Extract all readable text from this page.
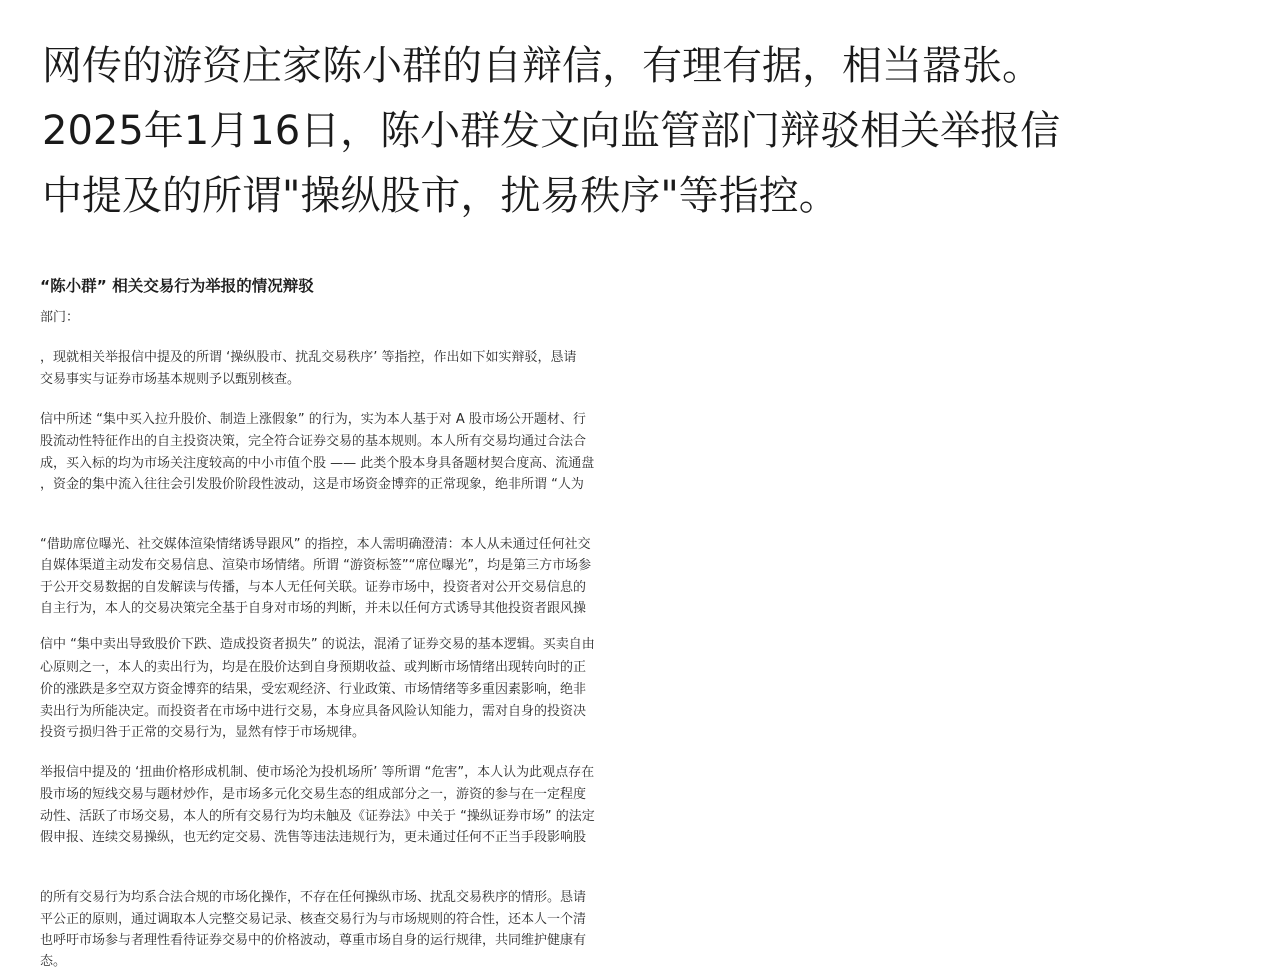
网传的游资庄家陈小群的自辩信，有理有据，相当嚣张。
2025年1月16日，陈小群发文向监管部门辩驳相关举报信
中提及的所谓"操纵股市，扰易秩序"等指控。
“陈小群” 相关交易行为举报的情况辩驳
部门：
，现就相关举报信中提及的所谓 ‘操纵股市、扰乱交易秩序’ 等指控，作出如下如实辩驳，恳请
交易事实与证券市场基本规则予以甄别核查。
信中所述 “集中买入拉升股价、制造上涨假象” 的行为，实为本人基于对 A 股市场公开题材、行
股流动性特征作出的自主投资决策，完全符合证券交易的基本规则。本人所有交易均通过合法合
成，买入标的均为市场关注度较高的中小市值个股 —— 此类个股本身具备题材契合度高、流通盘
，资金的集中流入往往会引发股价阶段性波动，这是市场资金博弈的正常现象，绝非所谓 “人为
“借助席位曝光、社交媒体渲染情绪诱导跟风” 的指控，本人需明确澄清：本人从未通过任何社交
自媒体渠道主动发布交易信息、渲染市场情绪。所谓 “游资标签”“席位曝光”，均是第三方市场参
于公开交易数据的自发解读与传播，与本人无任何关联。证券市场中，投资者对公开交易信息的
自主行为，本人的交易决策完全基于自身对市场的判断，并未以任何方式诱导其他投资者跟风操
信中 “集中卖出导致股价下跌、造成投资者损失” 的说法，混淆了证券交易的基本逻辑。买卖自由
心原则之一，本人的卖出行为，均是在股价达到自身预期收益、或判断市场情绪出现转向时的正
价的涨跌是多空双方资金博弈的结果，受宏观经济、行业政策、市场情绪等多重因素影响，绝非
卖出行为所能决定。而投资者在市场中进行交易，本身应具备风险认知能力，需对自身的投资决
投资亏损归咎于正常的交易行为，显然有悖于市场规律。
举报信中提及的 ‘扭曲价格形成机制、使市场沦为投机场所’ 等所谓 “危害”，本人认为此观点存在
股市场的短线交易与题材炒作，是市场多元化交易生态的组成部分之一，游资的参与在一定程度
动性、活跃了市场交易，本人的所有交易行为均未触及《证券法》中关于 “操纵证券市场” 的法定
假申报、连续交易操纵，也无约定交易、洗售等违法违规行为，更未通过任何不正当手段影响股
的所有交易行为均系合法合规的市场化操作，不存在任何操纵市场、扰乱交易秩序的情形。恳请
平公正的原则，通过调取本人完整交易记录、核查交易行为与市场规则的符合性，还本人一个清
也呼吁市场参与者理性看待证券交易中的价格波动，尊重市场自身的运行规律，共同维护健康有
态。
